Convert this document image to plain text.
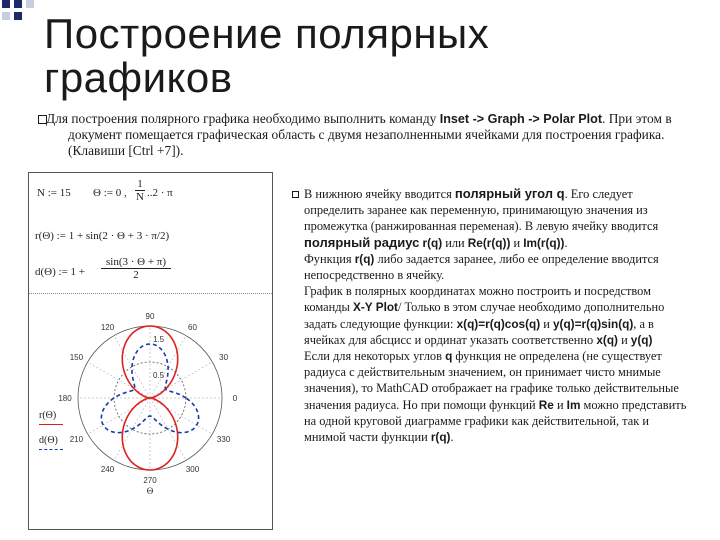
Построение полярных графиков

Для построения полярного графика необходимо выполнить команду Inset -> Graph -> Polar Plot. При этом в документ помещается графическая область с двумя незаполненными ячейками для построения графика. (Клавиши [Ctrl +7]).

N := 15 Θ := 0 ,
1
N ..2 · π
r(Θ) := 1 + sin(2 · Θ + 3 · π/2)
d(Θ) := 1 +
sin(3 · Θ + π)
2
90
60
30
0
330
300
270
240
210
180
150
120
1.5
0.5
Θ
r(Θ)
d(Θ)

В нижнюю ячейку вводится полярный угол q. Его следует определить заранее как переменную, принимающую значения из промежутка (ранжированная переменая). В левую ячейку вводится полярный радиус r(q) или Re(r(q)) и Im(r(q)).

Функция r(q) либо задается заранее, либо ее определение вводится непосредственно в ячейку.

График в полярных координатах можно построить и посредством команды X-Y Plot/ Только в этом случае необходимо дополнительно задать следующие функции: x(q)=r(q)cos(q) и y(q)=r(q)sin(q), а в ячейках для абсцисс и ординат указать соответственно x(q) и y(q)

Если для некоторых углов q функция не определена (не существует радиуса с действительным значением, он принимает чисто мнимые значения), то MathCAD отображает на графике только действительные значения радиуса. Но при помощи функций Re и Im можно представить на одной круговой диаграмме графики как действительной, так и мнимой части функции r(q).
